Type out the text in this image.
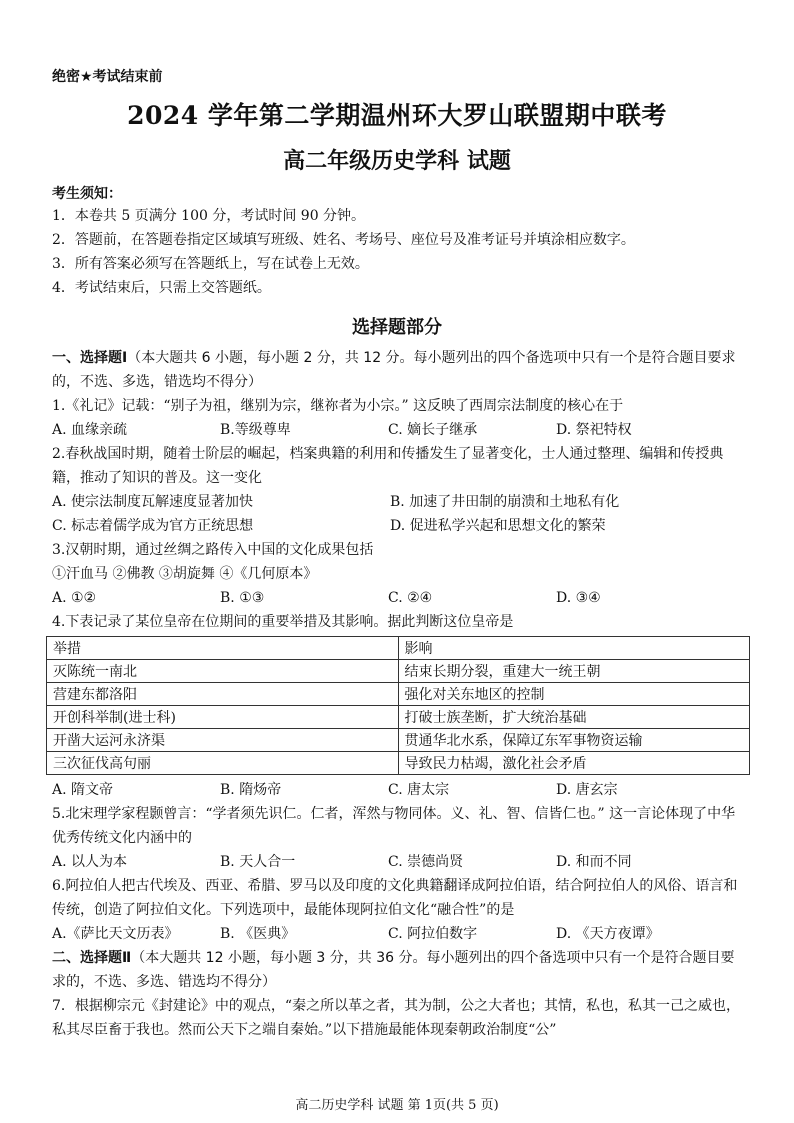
绝密★考试结束前
2024 学年第二学期温州环大罗山联盟期中联考
高二年级历史学科 试题
考生须知：
1．本卷共 5 页满分 100 分，考试时间 90 分钟。
2．答题前，在答题卷指定区域填写班级、姓名、考场号、座位号及准考证号并填涂相应数字。
3．所有答案必须写在答题纸上，写在试卷上无效。
4．考试结束后，只需上交答题纸。
选择题部分
一、选择题Ⅰ（本大题共 6 小题，每小题 2 分，共 12 分。每小题列出的四个备选项中只有一个是符合题目要求的，不选、多选，错选均不得分）
1.《礼记》记载：“别子为祖，继别为宗，继祢者为小宗。” 这反映了西周宗法制度的核心在于
A. 血缘亲疏	B.等级尊卑	C. 嫡长子继承	D. 祭祀特权
2.春秋战国时期，随着士阶层的崛起，档案典籍的利用和传播发生了显著变化，士人通过整理、编辑和传授典籍，推动了知识的普及。这一变化
A. 使宗法制度瓦解速度显著加快	B. 加速了井田制的崩溃和土地私有化
C. 标志着儒学成为官方正统思想	D. 促进私学兴起和思想文化的繁荣
3.汉朝时期，通过丝绸之路传入中国的文化成果包括
①汗血马 ②佛教 ③胡旋舞 ④《几何原本》
A. ①②	B. ①③	C. ②④	D. ③④
4.下表记录了某位皇帝在位期间的重要举措及其影响。据此判断这位皇帝是
举措	影响
灭陈统一南北	结束长期分裂，重建大一统王朝
营建东都洛阳	强化对关东地区的控制
开创科举制(进士科)	打破士族垄断，扩大统治基础
开凿大运河永济渠	贯通华北水系，保障辽东军事物资运输
三次征伐高句丽	导致民力枯竭，激化社会矛盾
A. 隋文帝	B. 隋炀帝	C. 唐太宗	D. 唐玄宗
5.北宋理学家程颢曾言：“学者须先识仁。仁者，浑然与物同体。义、礼、智、信皆仁也。” 这一言论体现了中华优秀传统文化内涵中的
A. 以人为本	B. 天人合一	C. 崇德尚贤	D. 和而不同
6.阿拉伯人把古代埃及、西亚、希腊、罗马以及印度的文化典籍翻译成阿拉伯语，结合阿拉伯人的风俗、语言和传统，创造了阿拉伯文化。下列选项中，最能体现阿拉伯文化“融合性”的是
A.《萨比天文历表》	B. 《医典》	C. 阿拉伯数字	D. 《天方夜谭》
二、选择题Ⅱ（本大题共 12 小题，每小题 3 分，共 36 分。每小题列出的四个备选项中只有一个是符合题目要求的，不选、多选、错选均不得分）
7．根据柳宗元《封建论》中的观点，“秦之所以革之者，其为制，公之大者也；其情，私也，私其一己之威也，私其尽臣畜于我也。然而公天下之端自秦始。”以下措施最能体现秦朝政治制度“公”
高二历史学科 试题 第 1页(共 5 页)
